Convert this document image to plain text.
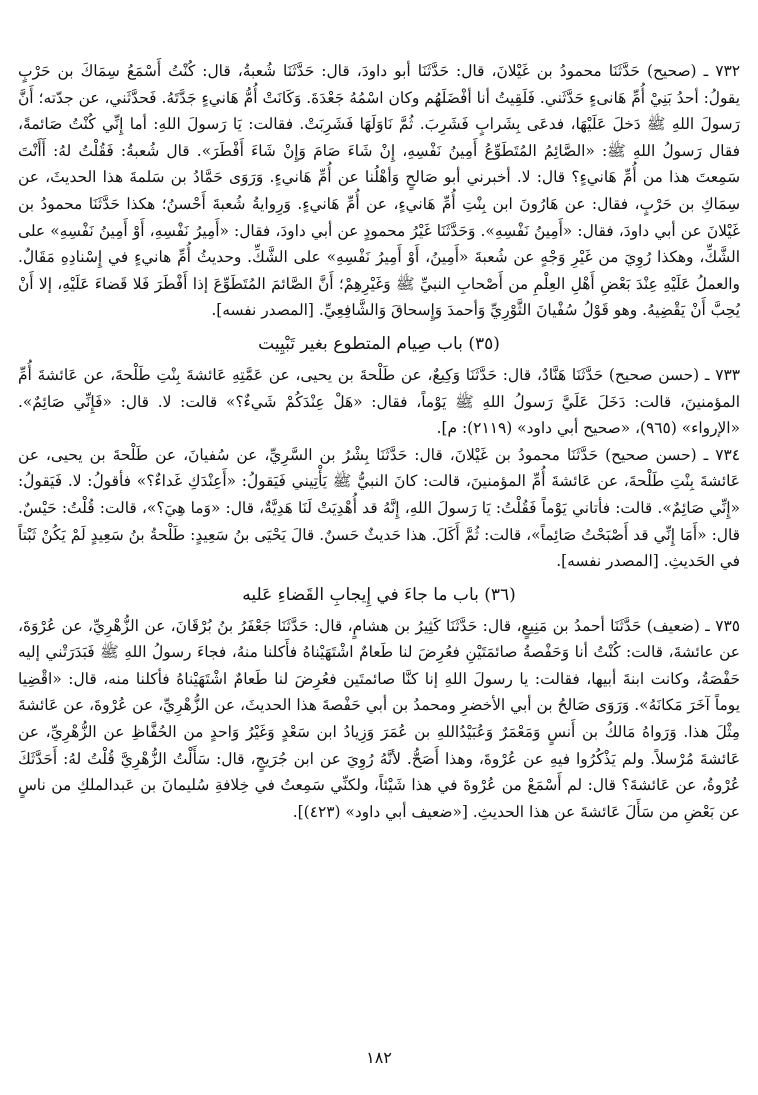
٧٣٢ ـ (صحيح) حَدَّثَنَا محمودُ بن غَيْلانَ، قال: حَدَّثَنَا أبو داودَ، قال: حَدَّثَنَا شُعبةُ، قال: كُنْتُ أَسْمَعُ سِمَاكَ بن حَرْبٍ يقولُ: أحدُ بَنِيْ أُمِّ هَانىءٍ حَدَّثَني. فَلَقِيتُ أنا أفْضَلَهُم وكان اسْمُهُ جَعْدَةَ. وَكَانَتْ أُمُّ هَانيءٍ جَدَّتَهُ. فَحدَّثَني، عن جدّته؛ أَنَّ رَسولَ اللهِ ﷺ دَخلَ عَلَيْهَا، فدعَى بِشَرابٍ فَشَرِبَ. ثُمَّ نَاوَلَهَا فَشَرِبَتْ. فقالت: يَا رَسولَ اللهِ: أما إِنِّي كُنْتُ صَائمةً، فقال رَسولُ اللهِ ﷺ: «الصَّائِمُ المُتَطَوِّعُ أَمِينُ نَفْسِهِ، إِنْ شَاءَ صَامَ وَإِنْ شَاءَ أَفْطَرَ». قال شُعبةُ: فَقُلْتُ لهُ: أَأَنْتَ سَمِعتَ هذا من أُمِّ هَانيءٍ؟ قال: لا. أخبرني أبو صَالحٍ وَأهْلُنا عن أُمِّ هَانيءٍ. وَرَوَى حَمَّادُ بن سَلمةَ هذا الحديثَ، عن سِمَاكِ بن حَرْبٍ، فقال: عن هَارُونَ ابن بِنْتِ أُمِّ هَانيءٍ، عن أُمِّ هَانيءٍ. وَرِوايةُ شُعبةَ أَحْسنُ؛ هكذا حَدَّثَنَا محمودُ بن غَيْلانَ عن أبي داودَ، فقال: «أَمِينُ نَفْسِهِ». وَحَدَّثَنَا غَيْرُ محمودٍ عن أبي داودَ، فقال: «أَمِيرُ نَفْسِهِ، أَوْ أَمِينُ نَفْسِهِ» على الشَّكِّ، وهكذا رُوِيَ من غَيْرِ وَجْهٍ عن شُعبةَ «أَمِينُ، أَوْ أَمِيرُ نَفْسِهِ» على الشَّكِّ. وحديثُ أُمِّ هانيءٍ في إِسْنادِهِ مَقَالٌ. والعملُ عَلَيْهِ عِنْدَ بَعْضِ أَهْلِ العِلْمِ من أَصْحابِ النبيِّ ﷺ وَغَيْرِهِمْ؛ أَنَّ الصَّائمَ المُتَطَوِّعَ إذا أَفْطَرَ فَلا قَضاءَ عَلَيْهِ، إلا أَنْ يُحِبَّ أَنْ يَقْضِيهُ. وهو قَوْلُ سُفْيانَ الثَّوْرِيِّ وَأحمدَ وَإِسحاقَ وَالشَّافِعِيِّ. [المصدر نفسه].

(٣٥) باب صِيام المتطوع بغير تَبْيِيت

٧٣٣ ـ (حسن صحيح) حَدَّثَنَا هَنَّادٌ، قال: حَدَّثَنَا وَكِيعٌ، عن طَلْحةَ بن يحيى، عن عَمَّتِهِ عَائشةَ بِنْتِ طَلْحةَ، عن عَائشةَ أُمِّ المؤمنينَ، قالت: دَخَلَ عَلَيَّ رَسولُ اللهِ ﷺ يَوْماً، فقال: «هَلْ عِنْدَكُمْ شَيءٌ؟» قالت: لا. قال: «فَإِنِّي صَائِمٌ». «الإرواء» (٩٦٥)، «صحيح أبي داود» (٢١١٩): م].

٧٣٤ ـ (حسن صحيح) حَدَّثَنَا محمودُ بن غَيْلانَ، قال: حَدَّثَنَا بِشْرُ بن السَّرِيِّ، عن سُفيانَ، عن طَلْحةَ بن يحيى، عن عَائشةَ بِنْتِ طَلْحةَ، عن عَائشةَ أُمِّ المؤمنينَ، قالت: كانَ النبيُّ ﷺ يَأْتِيني فَيَقولُ: «أَعِنْدَكِ غَداءٌ؟» فأقولُ: لا. فَيَقولُ: «إِنِّي صَائِمٌ». قالت: فأتاني يَوْماً فَقُلْتُ: يَا رَسولَ اللهِ، إِنَّهُ قد أُهْدِيَتْ لَنَا هَدِيَّةٌ، قال: «وَما هِيَ؟»، قالت: قُلْتُ: حَيْسٌ. قال: «أَمَا إِنِّي قد أَصْبَحْتُ صَائِماً»، قالت: ثُمَّ أَكَلَ. هذا حَديثٌ حَسنٌ. قالَ يَحْيَى بنُ سَعِيدٍ: طَلْحةُ بنُ سَعِيدٍ لَمْ يَكُنْ ثَبْتاً في الحَديثِ. [المصدر نفسه].

(٣٦) باب ما جاءَ في إِيجابِ القَضاءِ عَليه

٧٣٥ ـ (ضعيف) حَدَّثَنَا أحمدُ بن مَنِيعٍ، قال: حَدَّثَنَا كَثِيرُ بن هشامٍ، قال: حَدَّثَنَا جَعْفَرُ بنُ بُرْقَانَ، عن الزُّهْرِيِّ، عن عُرْوَةَ، عن عائشةَ، قالت: كُنْتُ أنا وَحَفْصةُ صائمَتَيْنِ فعُرِضَ لنا طَعامٌ اشْتَهَيْناهُ فأَكلنا منهُ، فجاءَ رسولُ اللهِ ﷺ فَبَدَرَتْني إليه حَفْصَةُ، وكانت ابنةَ أبيها، فقالت: يا رسولَ اللهِ إنا كنَّا صائمتَين فعُرِضَ لنا طَعامٌ اشْتَهَيْناهُ فأكلنا منه، قال: «اقْضِيا يوماً آخَرَ مَكانَهُ». وَرَوَى صَالحُ بن أبي الأخضرِ ومحمدُ بن أبي حَفْصةَ هذا الحديثَ، عن الزُّهْرِيِّ، عن عُرْوةَ، عن عَائشةَ مِثْلَ هذا. وَرَواهُ مَالكُ بن أَنسٍ وَمَعْمَرٌ وَعُبَيْدُاللهِ بن عُمَرَ وَزِيادُ ابن سَعْدٍ وَغَيْرُ وَاحدٍ من الحُفَّاظِ عن الزُّهْرِيِّ، عن عَائشةَ مُرْسلاً. ولم يَذْكُرُوا فيهِ عن عُرْوةَ، وهذا أَصَحُّ. لأنَّهُ رُوِيَ عن ابن جُرَيجٍ، قال: سَأَلْتُ الزُّهْرِيَّ قُلْتُ لهُ: أَحَدَّثَكَ عُرْوةُ، عن عَائشةَ؟ قال: لم أَسْمَعْ من عُرْوةَ في هذا شَيْئاً، ولكنِّي سَمِعتُ في خِلافةِ سُليمانَ بن عَبدالملكِ من ناسٍ عن بَعْضِ من سَأَلَ عَائشةَ عن هذا الحديثِ. [«ضعيف أبي داود» (٤٢٣)].

١٨٢
